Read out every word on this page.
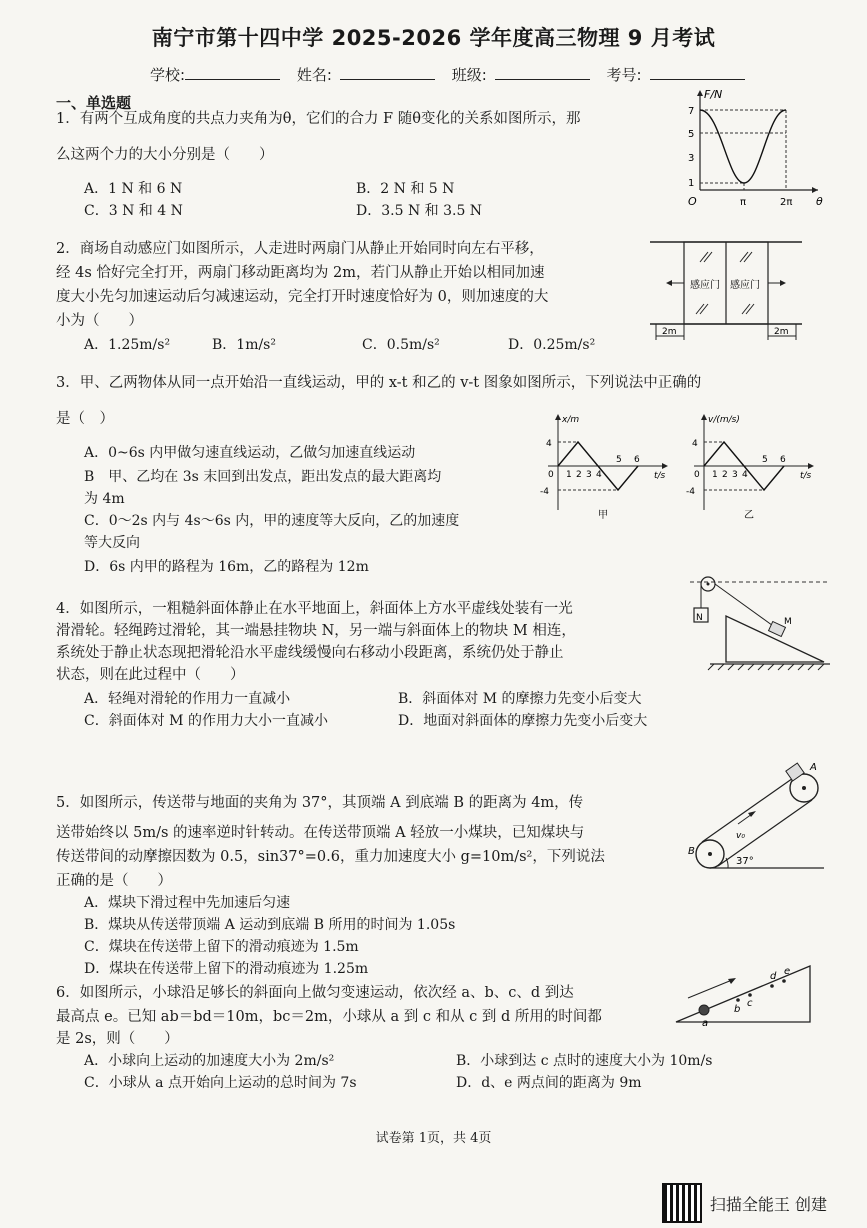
南宁市第十四中学 2025-2026 学年度高三物理 9 月考试
学校:	姓名:	班级:	考号:
一、单选题
1．有两个互成角度的共点力夹角为θ，它们的合力 F 随θ变化的关系如图所示，那
么这两个力的大小分别是（　　）
A．1 N 和 6 N	B．2 N 和 5 N
C．3 N 和 4 N	D．3.5 N 和 3.5 N
F/N
7
5
3
1
O	π	2π θ
2．商场自动感应门如图所示，人走进时两扇门从静止开始同时向左右平移，
经 4s 恰好完全打开，两扇门移动距离均为 2m，若门从静止开始以相同加速
度大小先匀加速运动后匀减速运动，完全打开时速度恰好为 0，则加速度的大
小为（　　）
A．1.25m/s²	B．1m/s²	C．0.5m/s²	D．0.25m/s²
感应门 感应门
2m	2m
3．甲、乙两物体从同一点开始沿一直线运动，甲的 x-t 和乙的 v-t 图象如图所示，下列说法中正确的
是（　）
A．0~6s 内甲做匀速直线运动，乙做匀加速直线运动
B　甲、乙均在 3s 末回到出发点，距出发点的最大距离均
为 4m
C．0～2s 内与 4s～6s 内，甲的速度等大反向，乙的加速度
等大反向
D．6s 内甲的路程为 16m，乙的路程为 12m
x/m
4
-4
0 1 2 3 4
5 6
t/s
甲
v/(m/s)
4
-4
0 1 2 3 4
5 6
t/s
乙
4．如图所示，一粗糙斜面体静止在水平地面上，斜面体上方水平虚线处装有一光
滑滑轮。轻绳跨过滑轮，其一端悬挂物块 N，另一端与斜面体上的物块 M 相连，
系统处于静止状态现把滑轮沿水平虚线缓慢向右移动小段距离，系统仍处于静止
状态，则在此过程中（　　）
A．轻绳对滑轮的作用力一直减小	B．斜面体对 M 的摩擦力先变小后变大
C．斜面体对 M 的作用力大小一直减小	D．地面对斜面体的摩擦力先变小后变大
N	M
5．如图所示，传送带与地面的夹角为 37°，其顶端 A 到底端 B 的距离为 4m，传
送带始终以 5m/s 的速率逆时针转动。在传送带顶端 A 轻放一小煤块，已知煤块与
传送带间的动摩擦因数为 0.5，sin37°=0.6，重力加速度大小 g=10m/s²，下列说法
正确的是（　　）
A．煤块下滑过程中先加速后匀速
B．煤块从传送带顶端 A 运动到底端 B 所用的时间为 1.05s
C．煤块在传送带上留下的滑动痕迹为 1.5m
D．煤块在传送带上留下的滑动痕迹为 1.25m
A
B
v₀
37°
6．如图所示，小球沿足够长的斜面向上做匀变速运动，依次经 a、b、c、d 到达
最高点 e。已知 ab＝bd＝10m，bc＝2m，小球从 a 到 c 和从 c 到 d 所用的时间都
是 2s，则（　　）
A．小球向上运动的加速度大小为 2m/s²	B．小球到达 c 点时的速度大小为 10m/s
C．小球从 a 点开始向上运动的总时间为 7s	D．d、e 两点间的距离为 9m
a
b
c
d e
试卷第 1页，共 4页
扫描全能王 创建
